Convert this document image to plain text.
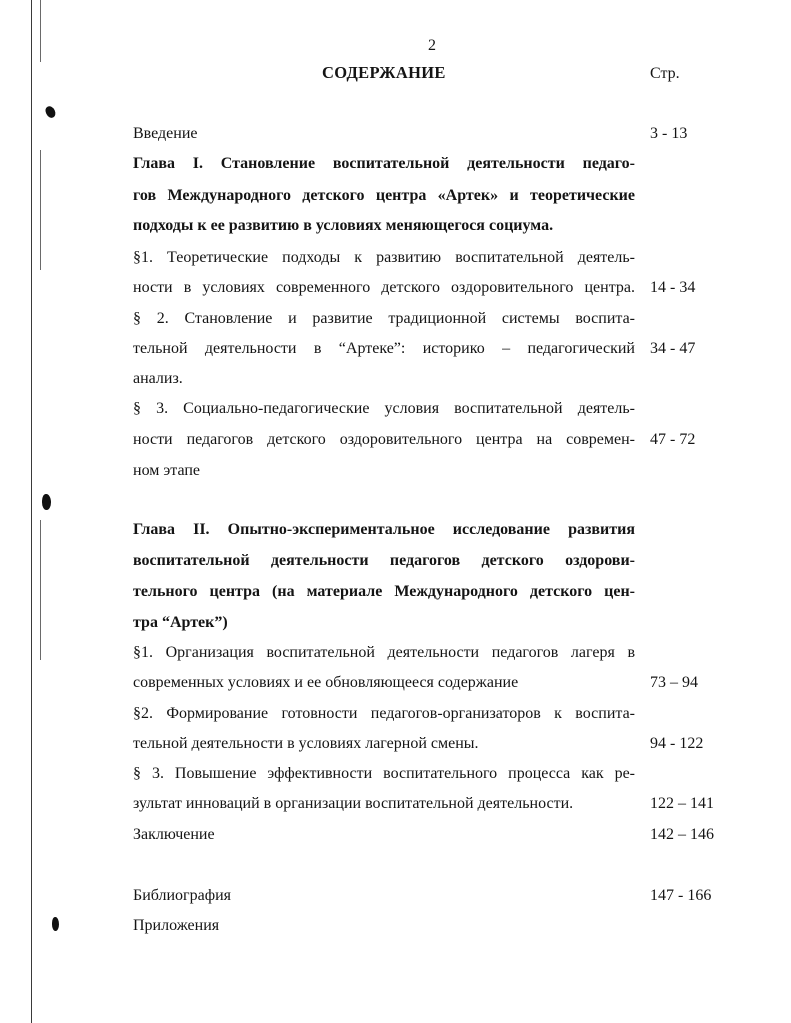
2
СОДЕРЖАНИЕ	Стр.
Введение	3 - 13
Глава I. Становление воспитательной деятельности педаго-
гов Международного детского центра «Артек» и теоретические
подходы к ее развитию в условиях меняющегося социума.
§1. Теоретические подходы к развитию воспитательной деятель-
ности в условиях современного детского оздоровительного центра. 14 - 34
§ 2. Становление и развитие традиционной системы воспита-
тельной деятельности в “Артеке”: историко – педагогический 34 - 47
анализ.
§ 3. Социально-педагогические условия воспитательной деятель-
ности педагогов детского оздоровительного центра на современ- 47 - 72
ном этапе
Глава II. Опытно-экспериментальное исследование развития
воспитательной деятельности педагогов детского оздорови-
тельного центра (на материале Международного детского цен-
тра “Артек”)
§1. Организация воспитательной деятельности педагогов лагеря в
современных условиях и ее обновляющееся содержание	73 – 94
§2. Формирование готовности педагогов-организаторов к воспита-
тельной деятельности в условиях лагерной смены.	94 - 122
§ 3. Повышение эффективности воспитательного процесса как ре-
зультат инноваций в организации воспитательной деятельности.	122 – 141
Заключение	142 – 146
Библиография	147 - 166
Приложения
